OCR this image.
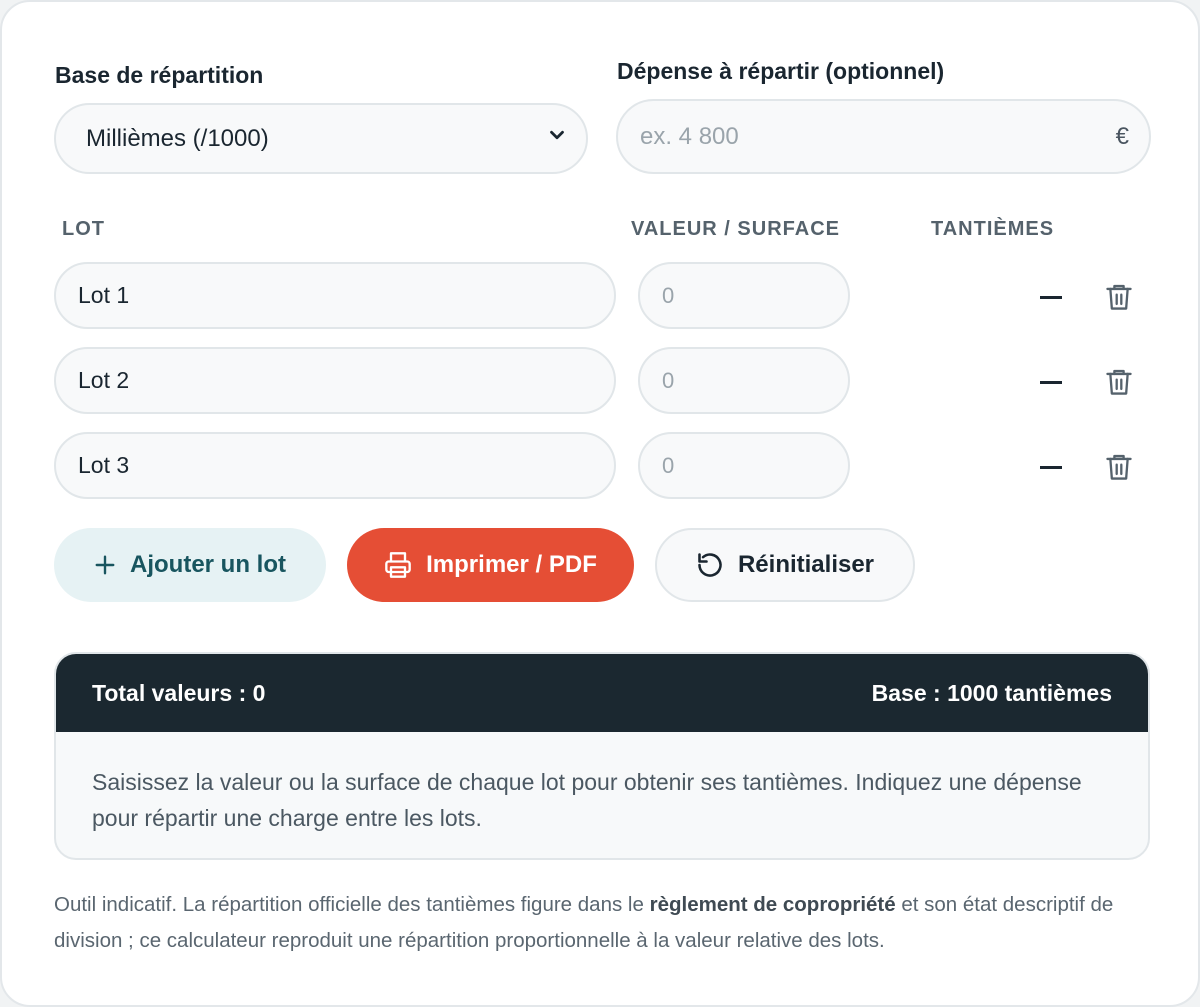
Base de répartition
Millièmes (/1000)
Dépense à répartir (optionnel)
ex. 4 800
€
LOT	VALEUR / SURFACE	TANTIÈMES
Lot 1	0
Lot 2	0
Lot 3	0
Ajouter un lot	Imprimer / PDF	Réinitialiser
Total valeurs : 0	Base : 1000 tantièmes
Saisissez la valeur ou la surface de chaque lot pour obtenir ses tantièmes. Indiquez une dépense pour répartir une charge entre les lots.
Outil indicatif. La répartition officielle des tantièmes figure dans le règlement de copropriété et son état descriptif de division ; ce calculateur reproduit une répartition proportionnelle à la valeur relative des lots.
